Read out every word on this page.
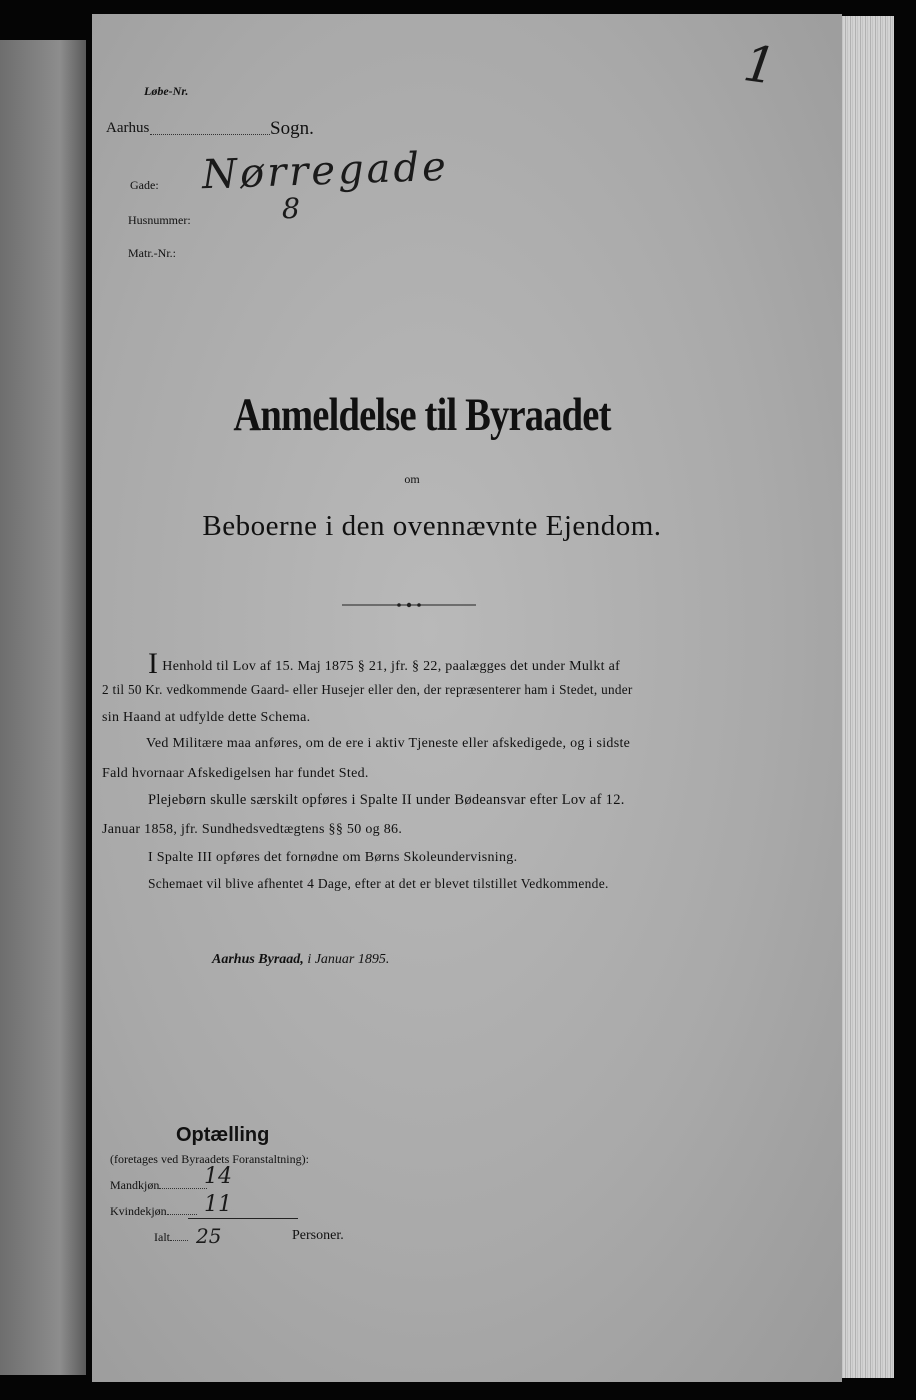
Løbe-Nr.
Aarhus	Sogn.
Gade: Nørregade
Husnummer:	8
Matr.-Nr.:
1
Anmeldelse til Byraadet
om
Beboerne i den ovennævnte Ejendom.
I Henhold til Lov af 15. Maj 1875 § 21, jfr. § 22, paalægges det under Mulkt af
2 til 50 Kr. vedkommende Gaard- eller Husejer eller den, der repræsenterer ham i Stedet, under
sin Haand at udfylde dette Schema.
Ved Militære maa anføres, om de ere i aktiv Tjeneste eller afskedigede, og i sidste
Fald hvornaar Afskedigelsen har fundet Sted.
Plejebørn skulle særskilt opføres i Spalte II under Bødeansvar efter Lov af 12.
Januar 1858, jfr. Sundhedsvedtægtens §§ 50 og 86.
I Spalte III opføres det fornødne om Børns Skoleundervisning.
Schemaet vil blive afhentet 4 Dage, efter at det er blevet tilstillet Vedkommende.
Aarhus Byraad, i Januar 1895.
Optælling
(foretages ved Byraadets Foranstaltning):
Mandkjøn	14
Kvindekjøn	11
Ialt	25	Personer.
